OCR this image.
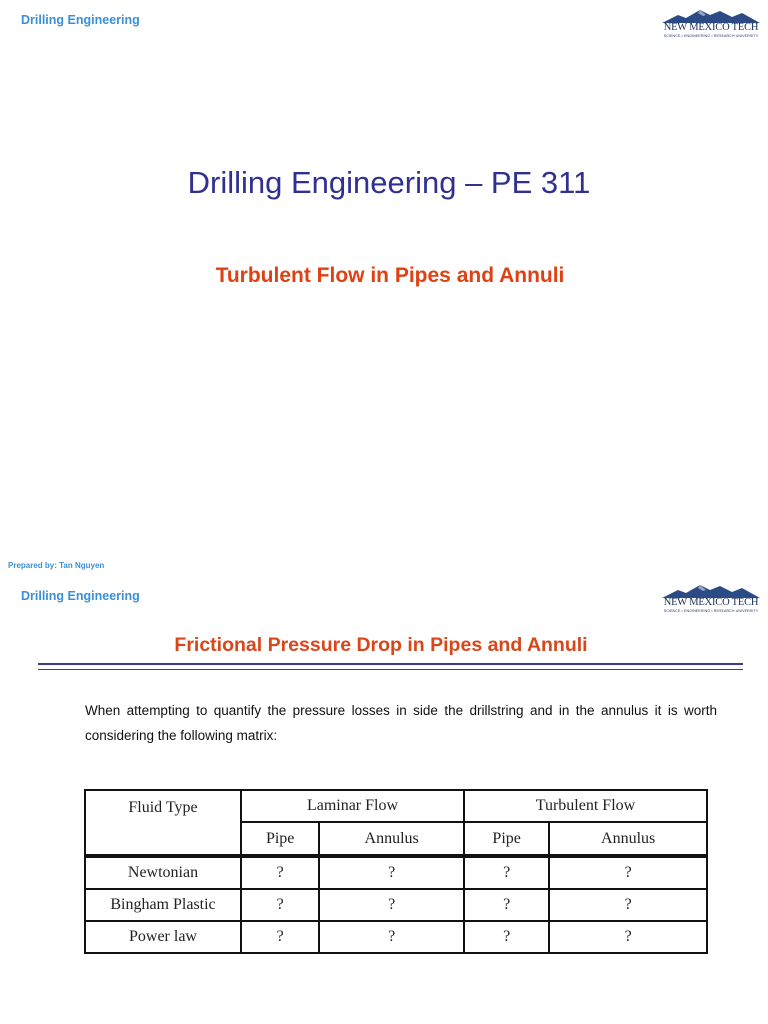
Drilling Engineering
NEW MEXICO TECH
SCIENCE • ENGINEERING • RESEARCH UNIVERSITY
Drilling Engineering – PE 311
Turbulent Flow in Pipes and Annuli
Prepared by: Tan Nguyen
Drilling Engineering	NEW MEXICO TECH
SCIENCE • ENGINEERING • RESEARCH UNIVERSITY
Frictional Pressure Drop in Pipes and Annuli
When attempting to quantify the pressure losses in side the drillstring and in the annulus it is worth considering the following matrix:
Fluid Type	Laminar Flow		Turbulent Flow	
	Pipe	Annulus	Pipe	Annulus
Newtonian	?	?	?	?
Bingham Plastic	?	?	?	?
Power law	?	?	?	?
